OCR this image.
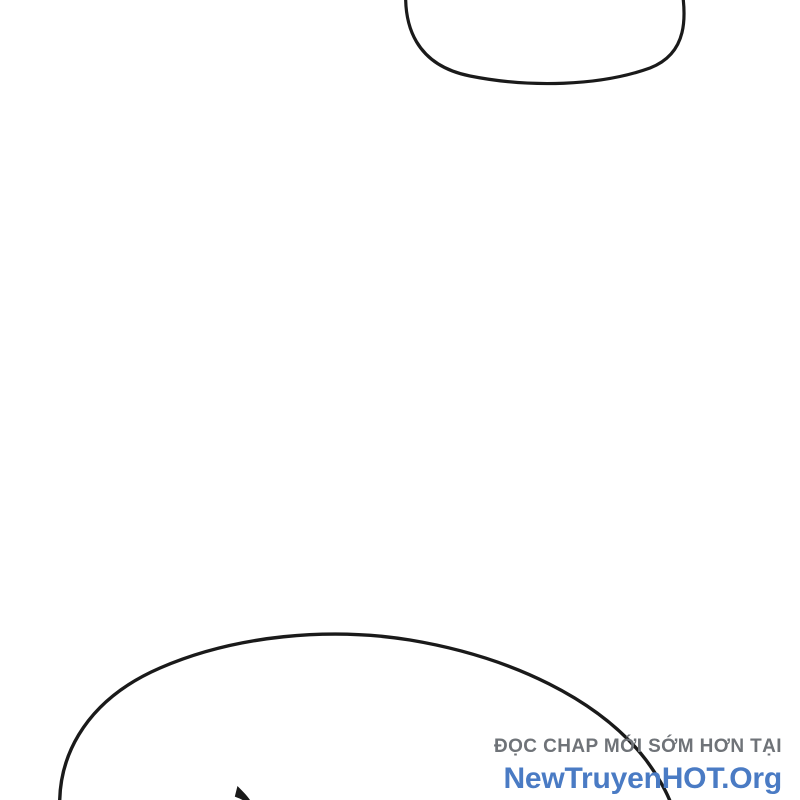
ĐỌC CHAP MỚI SỚM HƠN TẠI
NewTruyenHOT.Org
